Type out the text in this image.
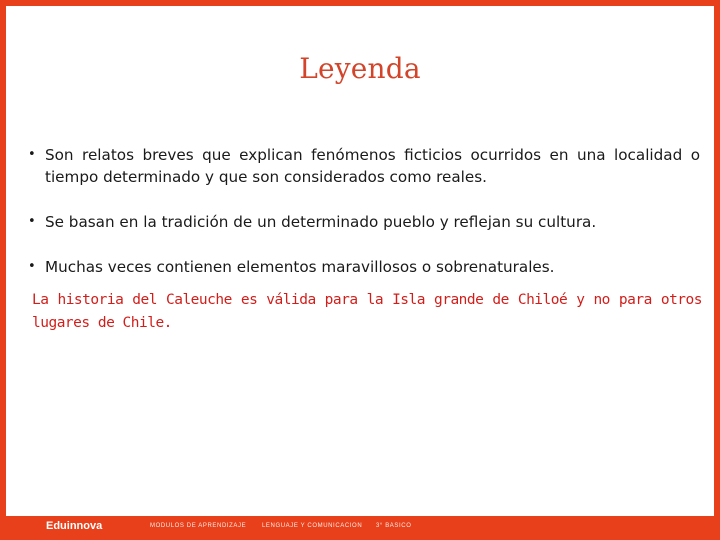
Leyenda
• Son relatos breves que explican fenómenos ficticios ocurridos en una localidad o tiempo determinado y que son considerados como reales.
• Se basan en la tradición de un determinado pueblo y reflejan su cultura.
• Muchas veces contienen elementos maravillosos o sobrenaturales.
La historia del Caleuche es válida para la Isla grande de Chiloé y no para otros lugares de Chile.
Eduinnova	MÓDULOS DE APRENDIZAJE	LENGUAJE Y COMUNICACIÓN 3° BÁSICO
